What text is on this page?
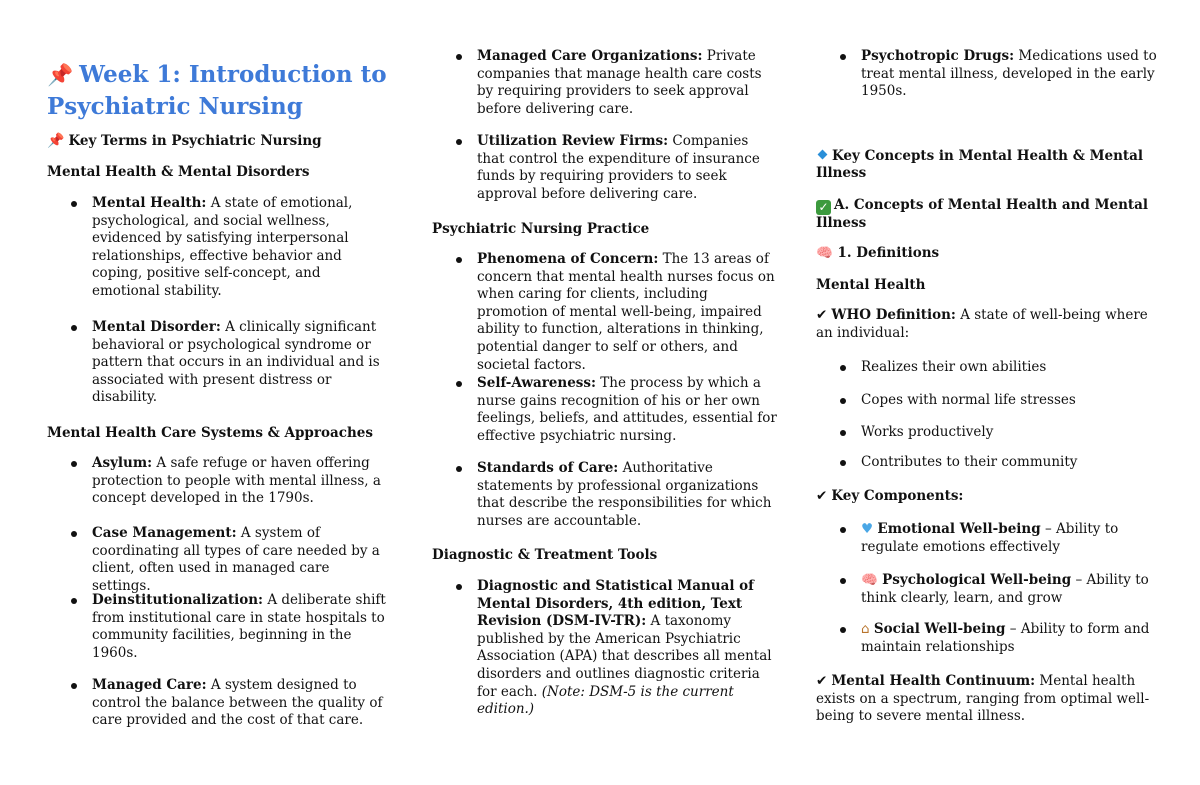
📌 Week 1: Introduction to Psychiatric Nursing
📌 Key Terms in Psychiatric Nursing
Mental Health & Mental Disorders
Mental Health: A state of emotional, psychological, and social wellness, evidenced by satisfying interpersonal relationships, effective behavior and coping, positive self-concept, and emotional stability.
Mental Disorder: A clinically significant behavioral or psychological syndrome or pattern that occurs in an individual and is associated with present distress or disability.
Mental Health Care Systems & Approaches
Asylum: A safe refuge or haven offering protection to people with mental illness, a concept developed in the 1790s.
Case Management: A system of coordinating all types of care needed by a client, often used in managed care settings.
Deinstitutionalization: A deliberate shift from institutional care in state hospitals to community facilities, beginning in the 1960s.
Managed Care: A system designed to control the balance between the quality of care provided and the cost of that care.
Managed Care Organizations: Private companies that manage health care costs by requiring providers to seek approval before delivering care.
Utilization Review Firms: Companies that control the expenditure of insurance funds by requiring providers to seek approval before delivering care.
Psychiatric Nursing Practice
Phenomena of Concern: The 13 areas of concern that mental health nurses focus on when caring for clients, including promotion of mental well-being, impaired ability to function, alterations in thinking, potential danger to self or others, and societal factors.
Self-Awareness: The process by which a nurse gains recognition of his or her own feelings, beliefs, and attitudes, essential for effective psychiatric nursing.
Standards of Care: Authoritative statements by professional organizations that describe the responsibilities for which nurses are accountable.
Diagnostic & Treatment Tools
Diagnostic and Statistical Manual of Mental Disorders, 4th edition, Text Revision (DSM-IV-TR): A taxonomy published by the American Psychiatric Association (APA) that describes all mental disorders and outlines diagnostic criteria for each. (Note: DSM-5 is the current edition.)
Psychotropic Drugs: Medications used to treat mental illness, developed in the early 1950s.
Key Concepts in Mental Health & Mental Illness
✓ A. Concepts of Mental Health and Mental Illness
🧠 1. Definitions
Mental Health
✔ WHO Definition: A state of well-being where an individual:
Realizes their own abilities
Copes with normal life stresses
Works productively
Contributes to their community
✔ Key Components:
♥ Emotional Well-being – Ability to regulate emotions effectively
🧠 Psychological Well-being – Ability to think clearly, learn, and grow
⌂ Social Well-being – Ability to form and maintain relationships
✔ Mental Health Continuum: Mental health exists on a spectrum, ranging from optimal well-being to severe mental illness.
